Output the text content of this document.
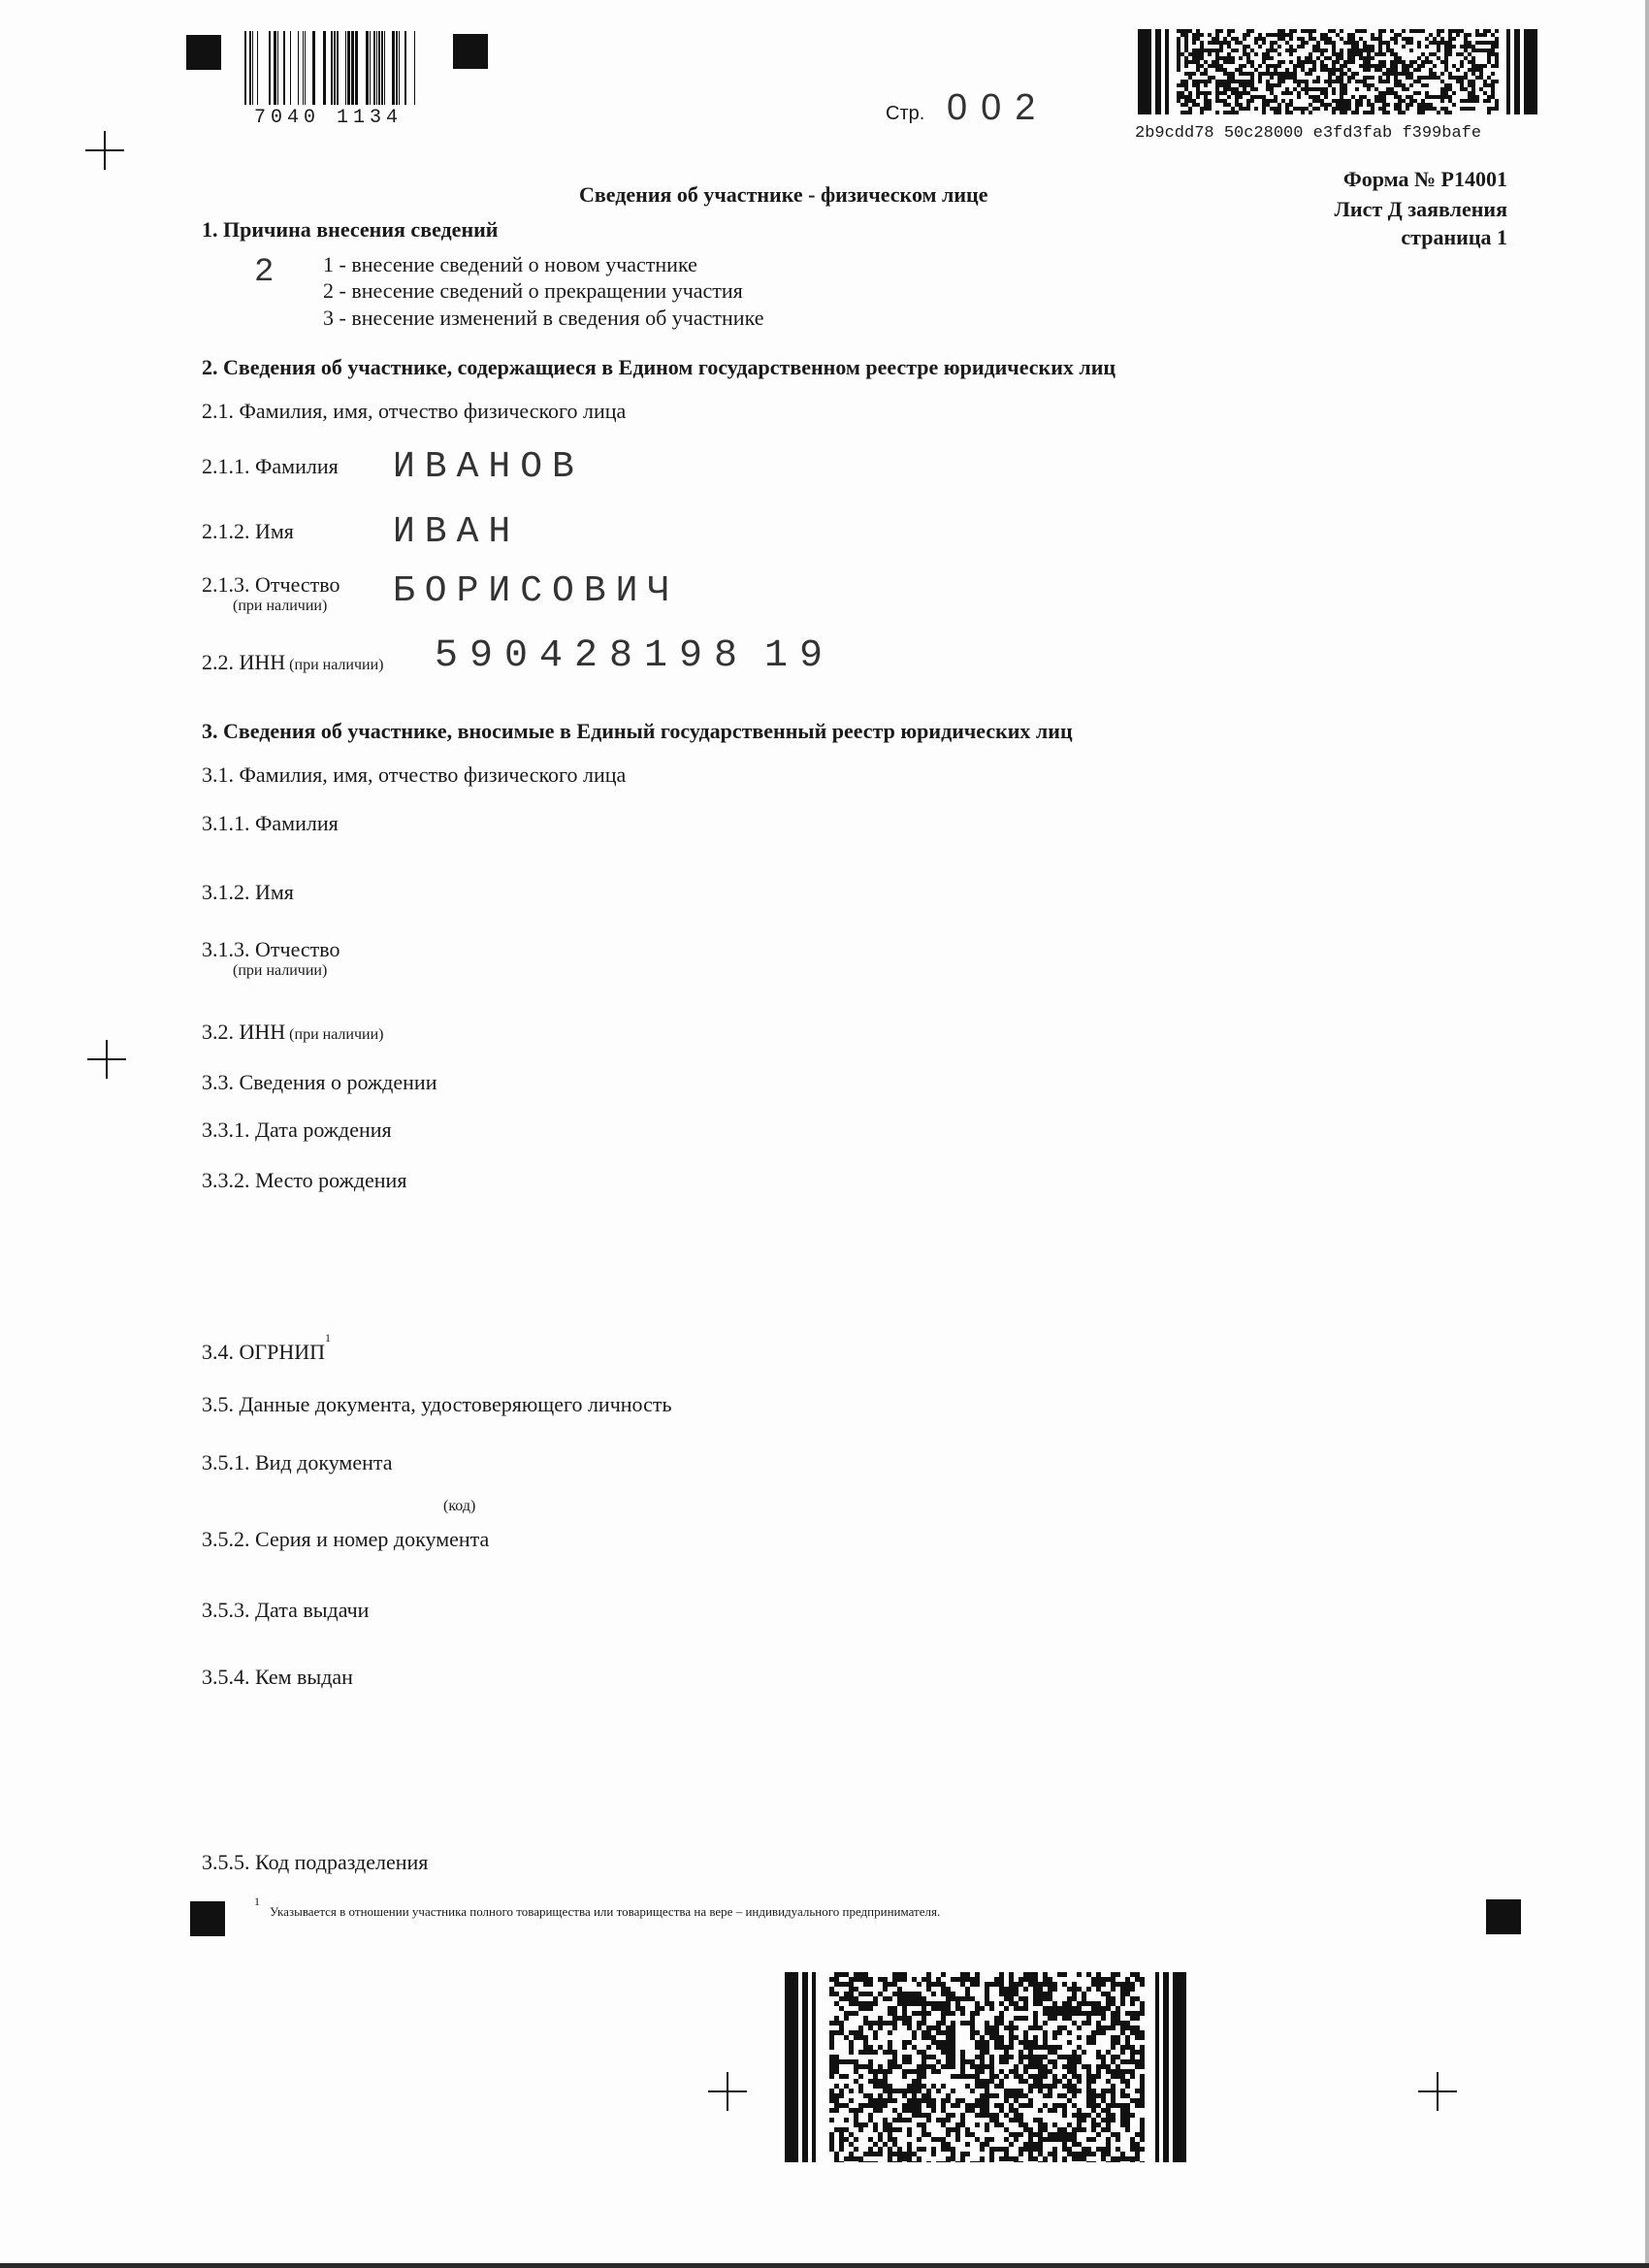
7040 1134	Стр. 002
2b9cdd78 50c28000 e3fd3fab f399bafe
Форма № Р14001
Лист Д заявления
страница 1
Сведения об участнике - физическом лице
1. Причина внесения сведений
2 1 - внесение сведений о новом участнике
2 - внесение сведений о прекращении участия
3 - внесение изменений в сведения об участнике
2. Сведения об участнике, содержащиеся в Едином государственном реестре юридических лиц
2.1. Фамилия, имя, отчество физического лица
2.1.1. Фамилия ИВАНОВ
2.1.2. Имя	ИВАН
2.1.3. Отчество
(при наличии) БОРИСОВИЧ
2.2. ИНН (при наличии) 590428198 19
3. Сведения об участнике, вносимые в Единый государственный реестр юридических лиц
3.1. Фамилия, имя, отчество физического лица
3.1.1. Фамилия
3.1.2. Имя
3.1.3. Отчество
(при наличии)
3.2. ИНН (при наличии)
3.3. Сведения о рождении
3.3.1. Дата рождения
3.3.2. Место рождения
3.4. ОГРНИП$^1$
3.5. Данные документа, удостоверяющего личность
3.5.1. Вид документа
(код)
3.5.2. Серия и номер документа
3.5.3. Дата выдачи
3.5.4. Кем выдан
3.5.5. Код подразделения
1
Указывается в отношении участника полного товарищества или товарищества на вере – индивидуального предпринимателя.
